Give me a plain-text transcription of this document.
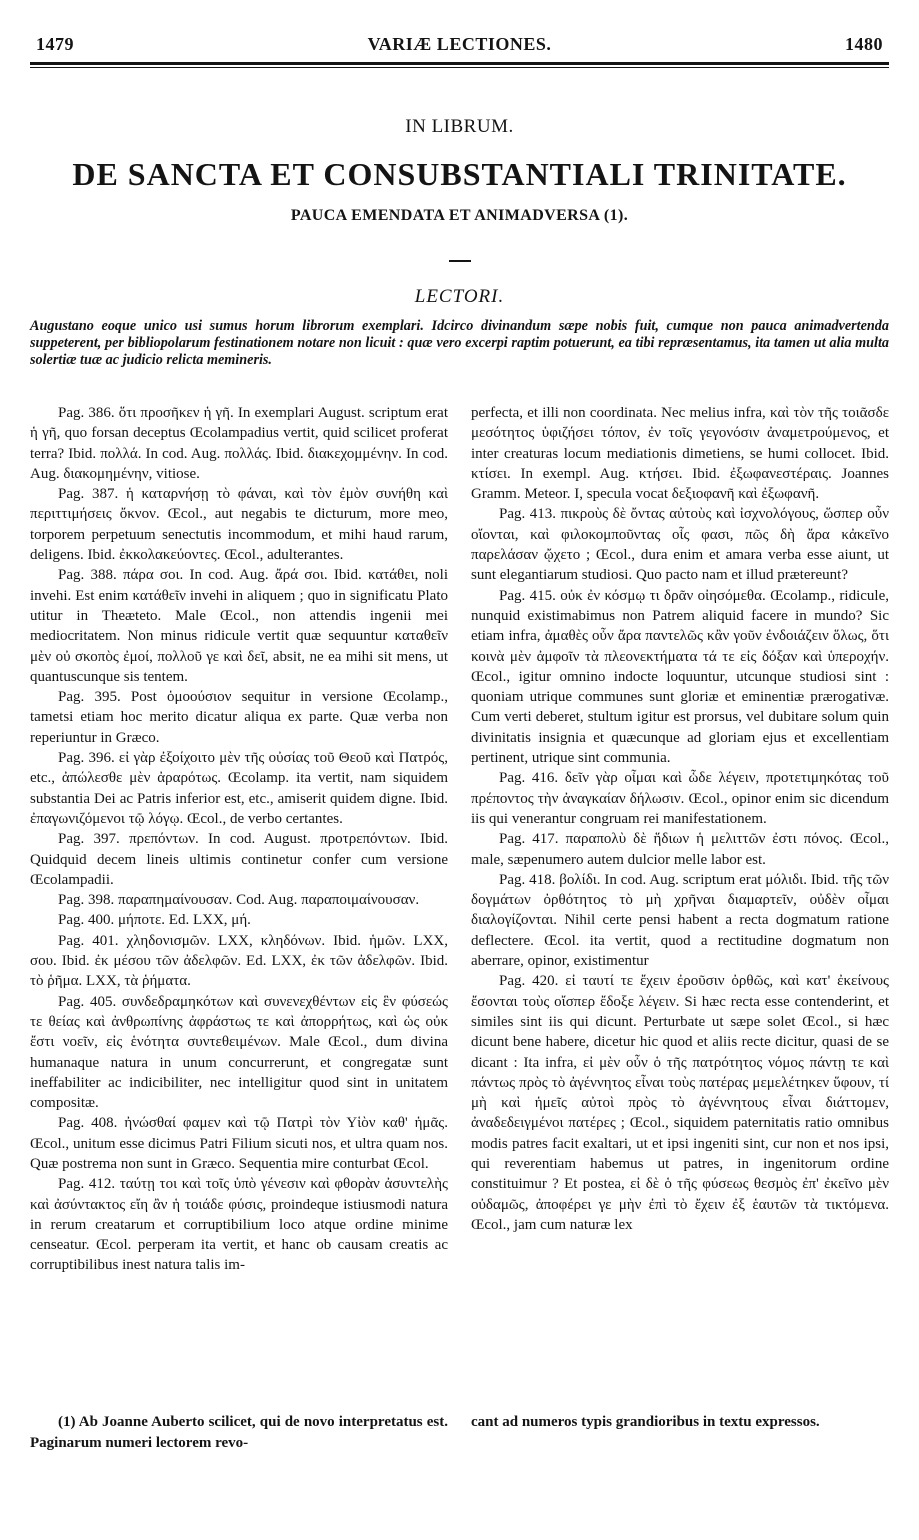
1479	VARIÆ LECTIONES.	1480

IN LIBRUM.

DE SANCTA ET CONSUBSTANTIALI TRINITATE.

PAUCA EMENDATA ET ANIMADVERSA (1).

LECTORI.

Augustano eoque unico usi sumus horum librorum exemplari. Idcirco divinandum sæpe nobis fuit, cumque non pauca animadvertenda suppeterent, per bibliopolarum festinationem notare non licuit : quæ vero excerpi raptim potuerunt, ea tibi repræsentamus, ita tamen ut alia multa solertiæ tuæ ac judicio relicta memineris.

Pag. 386. ὅτι προσῆκεν ἡ γῆ. In exemplari August. scriptum erat ἡ γῆ, quo forsan deceptus Œcolampadius vertit, quid scilicet proferat terra? Ibid. πολλά. In cod. Aug. πολλάς. Ibid. διακεχομμένην. In cod. Aug. διακομημένην, vitiose.

Pag. 387. ἡ καταρνήσῃ τὸ φάναι, καὶ τὸν ἐμὸν συνήθη καὶ περιττιμήσεις ὄκνον. Œcol., aut negabis te dicturum, more meo, torporem perpetuum senectutis incommodum, et mihi haud rarum, deligens. Ibid. ἐκκολακεύοντες. Œcol., adulterantes.

Pag. 388. πάρα σοι. In cod. Aug. ἄρά σοι. Ibid. κατάθει, noli invehi. Est enim κατάθεῖν invehi in aliquem ; quo in significatu Plato utitur in Theæteto. Male Œcol., non attendis ingenii mei mediocritatem. Non minus ridicule vertit quæ sequuntur καταθεῖν μὲν οὐ σκοπὸς ἐμοί, πολλοῦ γε καὶ δεῖ, absit, ne ea mihi sit mens, ut quantuscunque sis tentem.

Pag. 395. Post ὁμοούσιον sequitur in versione Œcolamp., tametsi etiam hoc merito dicatur aliqua ex parte. Quæ verba non reperiuntur in Græco.

Pag. 396. εἰ γὰρ ἐξοίχοιτο μὲν τῆς οὐσίας τοῦ Θεοῦ καὶ Πατρός, etc., ἀπώλεσθε μὲν ἀραρότως. Œcolamp. ita vertit, nam siquidem substantia Dei ac Patris inferior est, etc., amiserit quidem digne. Ibid. ἐπαγωνιζόμενοι τῷ λόγῳ. Œcol., de verbo certantes.

Pag. 397. πρεπόντων. In cod. August. προτρεπόντων. Ibid. Quidquid decem lineis ultimis continetur confer cum versione Œcolampadii.

Pag. 398. παραπημαίνουσαν. Cod. Aug. παραποιμαίνουσαν.

Pag. 400. μήποτε. Ed. LXX, μή.

Pag. 401. χληδονισμῶν. LXX, κληδόνων. Ibid. ἡμῶν. LXX, σου. Ibid. ἐκ μέσου τῶν ἀδελφῶν. Ed. LXX, ἐκ τῶν ἀδελφῶν. Ibid. τὸ ῥῆμα. LXX, τὰ ῥήματα.

Pag. 405. συνδεδραμηκότων καὶ συνενεχθέντων εἰς ἓν φύσεώς τε θείας καὶ ἀνθρωπίνης ἀφράστως τε καὶ ἀπορρήτως, καὶ ὡς οὐκ ἔστι νοεῖν, εἰς ἑνότητα συντεθειμένων. Male Œcol., dum divina humanaque natura in unum concurrerunt, et congregatæ sunt ineffabiliter ac indicibiliter, nec intelligitur quod sint in unitatem compositæ.

Pag. 408. ἠνώσθαί φαμεν καὶ τῷ Πατρὶ τὸν Υἱὸν καθ' ἡμᾶς. Œcol., unitum esse dicimus Patri Filium sicuti nos, et ultra quam nos. Quæ postrema non sunt in Græco. Sequentia mire conturbat Œcol.

Pag. 412. ταύτῃ τοι καὶ τοῖς ὑπὸ γένεσιν καὶ φθορὰν ἀσυντελὴς καὶ ἀσύντακτος εἴη ἂν ἡ τοιάδε φύσις, proindeque istiusmodi natura in rerum creatarum et corruptibilium loco atque ordine minime censeatur. Œcol. perperam ita vertit, et hanc ob causam creatis ac corruptibilibus inest natura talis im-

perfecta, et illi non coordinata. Nec melius infra, καὶ τὸν τῆς τοιᾶσδε μεσότητος ὑφιζήσει τόπον, ἐν τοῖς γεγονόσιν ἀναμετρούμενος, et inter creaturas locum mediationis dimetiens, se humi collocet. Ibid. κτίσει. In exempl. Aug. κτήσει. Ibid. ἐξωφανεστέραις. Joannes Gramm. Meteor. I, specula vocat δεξιοφανῆ καὶ ἐξωφανῆ.

Pag. 413. πικροὺς δὲ ὄντας αὐτοὺς καὶ ἰσχνολόγους, ὥσπερ οὖν οἴονται, καὶ φιλοκομποῦντας οἷς φασι, πῶς δὴ ἄρα κἀκεῖνο παρελάσαν ᾤχετο ; Œcol., dura enim et amara verba esse aiunt, ut sunt elegantiarum studiosi. Quo pacto nam et illud prætereunt?

Pag. 415. οὐκ ἐν κόσμῳ τι δρᾶν οἰησόμεθα. Œcolamp., ridicule, nunquid existimabimus non Patrem aliquid facere in mundo? Sic etiam infra, ἀμαθὲς οὖν ἄρα παντελῶς κἂν γοῦν ἐνδοιάζειν ὅλως, ὅτι κοινὰ μὲν ἀμφοῖν τὰ πλεονεκτήματα τά τε εἰς δόξαν καὶ ὑπεροχήν. Œcol., igitur omnino indocte loquuntur, utcunque studiosi sint : quoniam utrique communes sunt gloriæ et eminentiæ prærogativæ. Cum verti deberet, stultum igitur est prorsus, vel dubitare solum quin divinitatis insignia et quæcunque ad gloriam ejus et excellentiam pertinent, utrique sint communia.

Pag. 416. δεῖν γὰρ οἶμαι καὶ ὧδε λέγειν, προτετιμηκότας τοῦ πρέποντος τὴν ἀναγκαίαν δήλωσιν. Œcol., opinor enim sic dicendum iis qui venerantur congruam rei manifestationem.

Pag. 417. παραπολὺ δὲ ἥδιων ἡ μελιττῶν ἐστι πόνος. Œcol., male, sæpenumero autem dulcior melle labor est.

Pag. 418. βολίδι. In cod. Aug. scriptum erat μόλιδι. Ibid. τῆς τῶν δογμάτων ὀρθότητος τὸ μὴ χρῆναι διαμαρτεῖν, οὐδὲν οἶμαι διαλογίζονται. Nihil certe pensi habent a recta dogmatum ratione deflectere. Œcol. ita vertit, quod a rectitudine dogmatum non aberrare, opinor, existimentur

Pag. 420. εἰ ταυτί τε ἔχειν ἐροῦσιν ὀρθῶς, καὶ κατ' ἐκείνους ἔσονται τοὺς οἴσπερ ἔδοξε λέγειν. Si hæc recta esse contenderint, et similes sint iis qui dicunt. Perturbate ut sæpe solet Œcol., si hæc dicunt bene habere, dicetur hic quod et aliis recte dicitur, quasi de se dicant : Ita infra, εἰ μὲν οὖν ὁ τῆς πατρότητος νόμος πάντῃ τε καὶ πάντως πρὸς τὸ ἀγέννητος εἶναι τοὺς πατέρας μεμελέτηκεν ὕφουν, τί μὴ καὶ ἡμεῖς αὐτοὶ πρὸς τὸ ἀγέννητους εἶναι διάττομεν, ἀναδεδειγμένοι πατέρες ; Œcol., siquidem paternitatis ratio omnibus modis patres facit exaltari, ut et ipsi ingeniti sint, cur non et nos ipsi, qui reverentiam habemus ut patres, in ingenitorum ordine constituimur ? Et postea, εἰ δὲ ὁ τῆς φύσεως θεσμὸς ἐπ' ἐκεῖνο μὲν οὐδαμῶς, ἀποφέρει γε μὴν ἐπὶ τὸ ἔχειν ἐξ ἑαυτῶν τὰ τικτόμενα. Œcol., jam cum naturæ lex

(1) Ab Joanne Auberto scilicet, qui de novo interpretatus est. Paginarum numeri lectorem revo-
cant ad numeros typis grandioribus in textu expressos.
